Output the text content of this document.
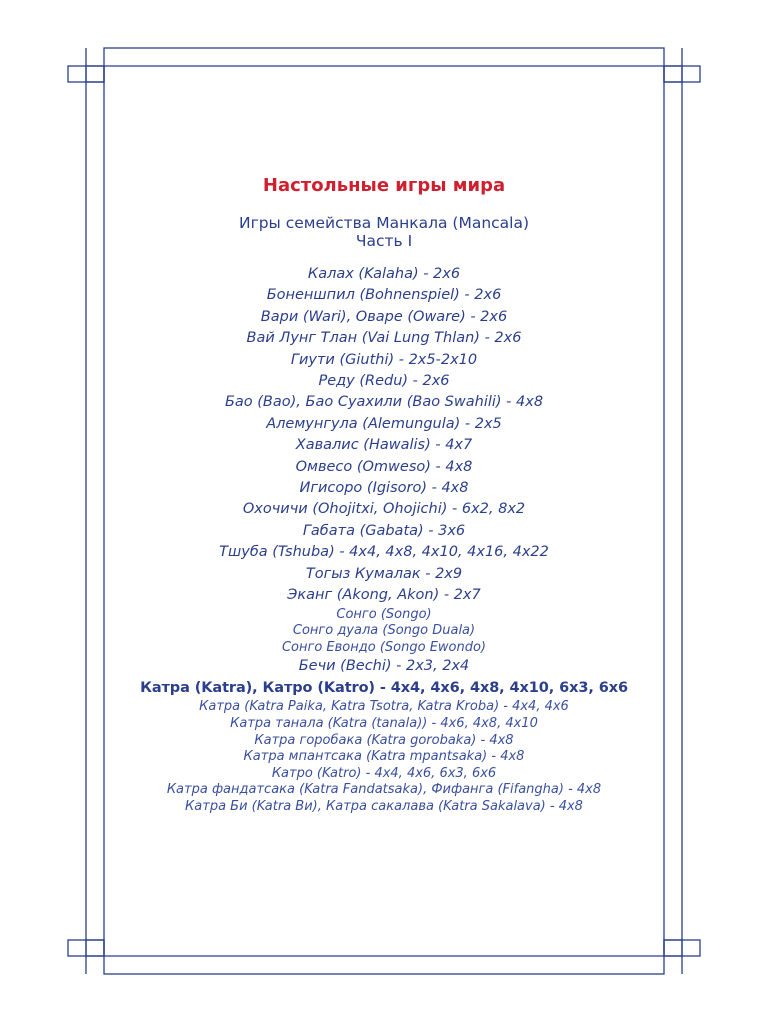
Настольные игры мира
Игры семейства Манкала (Mancala)
Часть I
Калах (Kalaha) - 2x6
Боненшпил (Bohnenspiel) - 2x6
Вари (Wari), Оваре (Oware) - 2x6
Вай Лунг Тлан (Vai Lung Thlan) - 2x6
Гиути (Giuthi) - 2x5-2x10
Реду (Redu) - 2x6
Бао (Вао), Бао Суахили (Bao Swahili) - 4x8
Алемунгула (Alemungula) - 2x5
Хавалис (Hawalis) - 4x7
Омвесо (Omweso) - 4x8
Игисоро (Igisoro) - 4x8
Охочичи (Ohojitxi, Ohojichi) - 6x2, 8x2
Габата (Gabata) - 3x6
Тшуба (Tshuba) - 4x4, 4x8, 4x10, 4x16, 4x22
Тогыз Кумалак - 2x9
Эканг (Akong, Akon) - 2x7
Сонго (Songo)
Сонго дуала (Songo Duala)
Сонго Евондо (Songo Ewondo)
Бечи (Bechi) - 2x3, 2x4
Катра (Katra), Катро (Katro) - 4x4, 4x6, 4x8, 4x10, 6x3, 6x6
Катра (Katra Paika, Katra Tsotra, Katra Kroba) - 4x4, 4x6
Катра танала (Katra (tanala)) - 4x6, 4x8, 4x10
Катра горобака (Katra gorobaka) - 4x8
Катра мпантсака (Katra mpantsaka) - 4x8
Катро (Katro) - 4x4, 4x6, 6x3, 6x6
Катра фандатсака (Katra Fandatsaka), Фифанга (Fifangha) - 4x8
Катра Би (Katra Ви), Катра сакалава (Katra Sakalava) - 4x8
